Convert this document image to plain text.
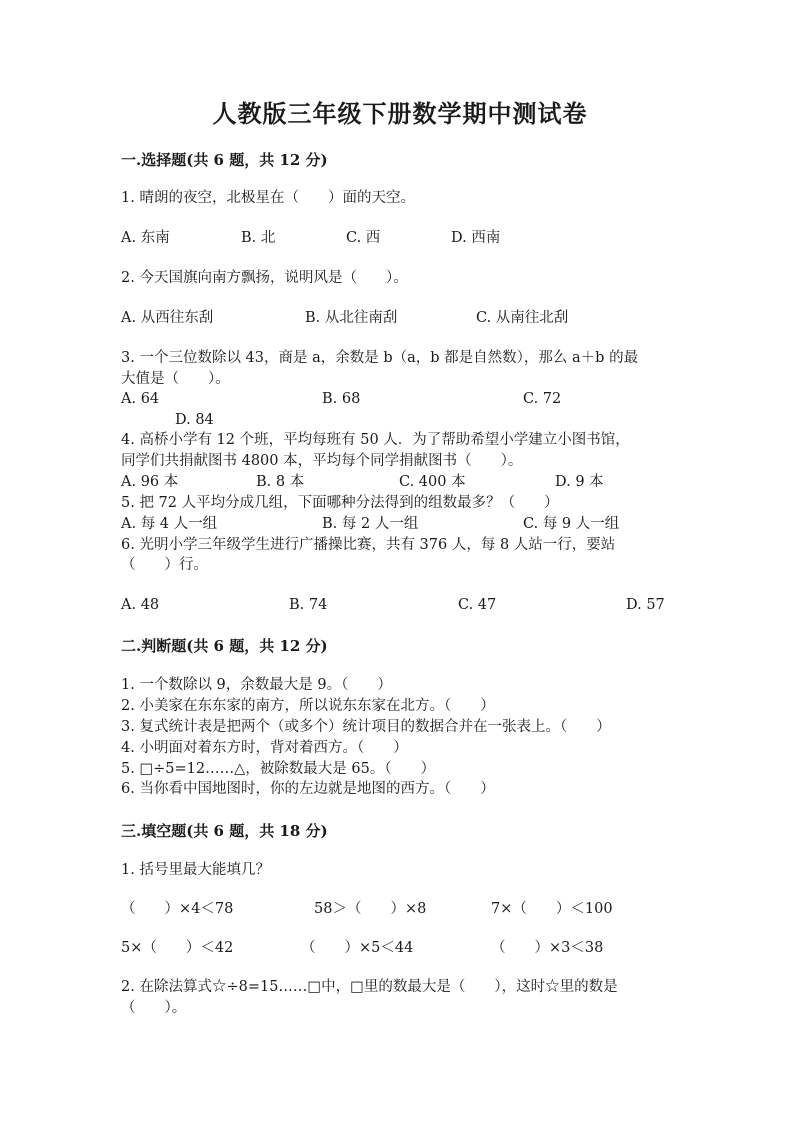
人教版三年级下册数学期中测试卷
一.选择题(共 6 题，共 12 分)
1. 晴朗的夜空，北极星在（　　）面的天空。
A. 东南	B. 北	C. 西	D. 西南
2. 今天国旗向南方飘扬，说明风是（　　）。
A. 从西往东刮	B. 从北往南刮	C. 从南往北刮
3. 一个三位数除以 43，商是 a，余数是 b（a，b 都是自然数），那么 a＋b 的最
大值是（　　）。
A. 64	B. 68	C. 72
D. 84
4. 高桥小学有 12 个班，平均每班有 50 人．为了帮助希望小学建立小图书馆，
同学们共捐献图书 4800 本，平均每个同学捐献图书（　　）。
A. 96 本	B. 8 本	C. 400 本	D. 9 本
5. 把 72 人平均分成几组，下面哪种分法得到的组数最多？（　　）
A. 每 4 人一组	B. 每 2 人一组	C. 每 9 人一组
6. 光明小学三年级学生进行广播操比赛，共有 376 人，每 8 人站一行，要站
（　　）行。
A. 48	B. 74	C. 47	D. 57
二.判断题(共 6 题，共 12 分)
1. 一个数除以 9，余数最大是 9。（　　）
2. 小美家在东东家的南方，所以说东东家在北方。（　　）
3. 复式统计表是把两个（或多个）统计项目的数据合并在一张表上。（　　）
4. 小明面对着东方时，背对着西方。（　　）
5. □÷5=12……△，被除数最大是 65。（　　）
6. 当你看中国地图时，你的左边就是地图的西方。（　　）
三.填空题(共 6 题，共 18 分)
1. 括号里最大能填几？
（　　）×4＜78	58＞（　　）×8	7×（　　）＜100
5×（　　）＜42	（　　）×5＜44	（　　）×3＜38
2. 在除法算式☆÷8=15……□中，□里的数最大是（　　），这时☆里的数是
（　　）。
